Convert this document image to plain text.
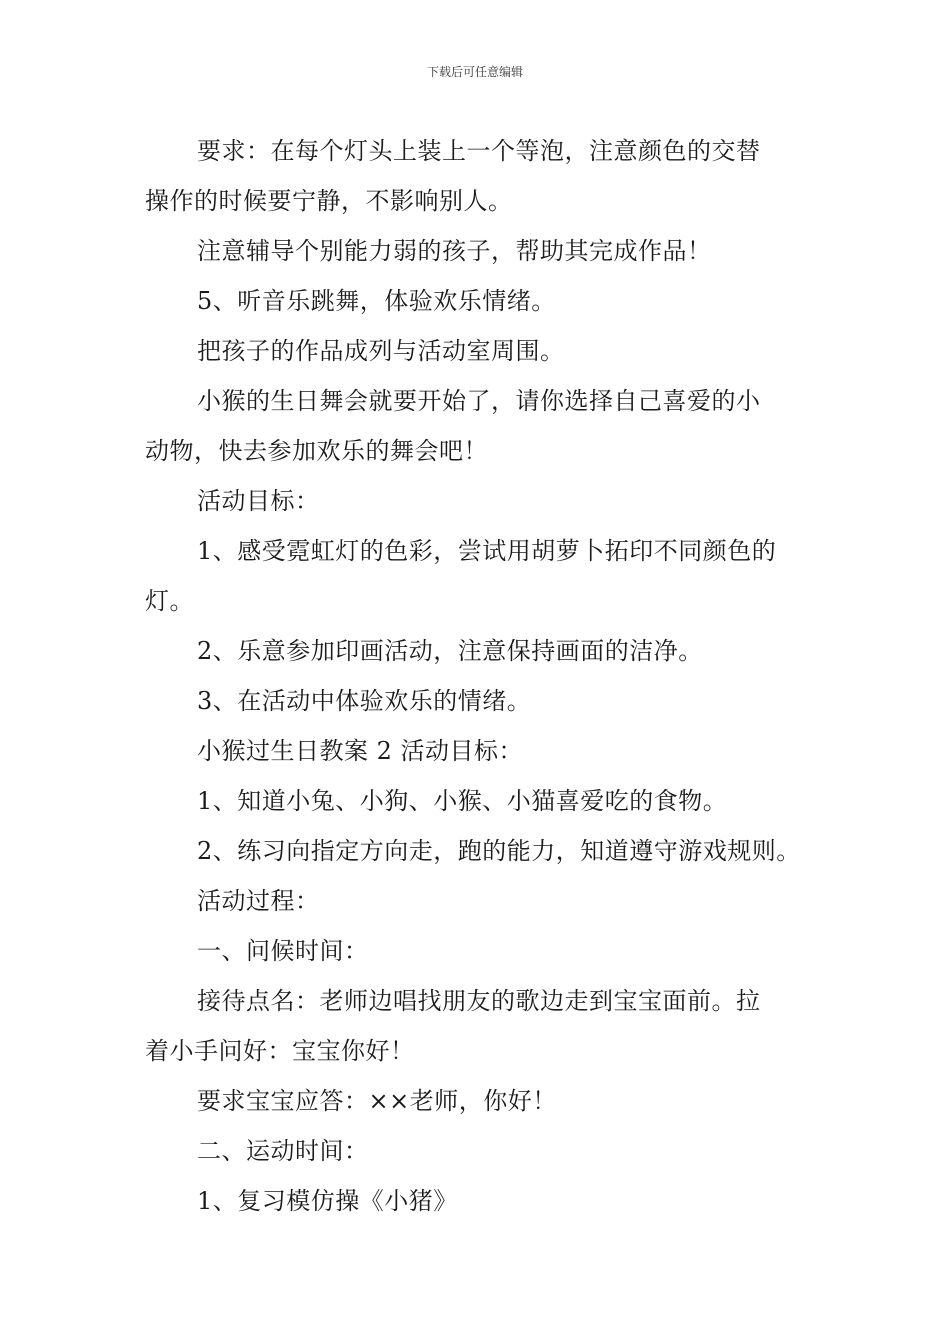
下载后可任意编辑
要求：在每个灯头上装上一个等泡，注意颜色的交替
操作的时候要宁静，不影响别人。
注意辅导个别能力弱的孩子，帮助其完成作品！
5、听音乐跳舞，体验欢乐情绪。
把孩子的作品成列与活动室周围。
小猴的生日舞会就要开始了，请你选择自己喜爱的小
动物，快去参加欢乐的舞会吧！
活动目标：
1、感受霓虹灯的色彩，尝试用胡萝卜拓印不同颜色的
灯。
2、乐意参加印画活动，注意保持画面的洁净。
3、在活动中体验欢乐的情绪。
小猴过生日教案 2 活动目标：
1、知道小兔、小狗、小猴、小猫喜爱吃的食物。
2、练习向指定方向走，跑的能力，知道遵守游戏规则。
活动过程：
一、问候时间：
接待点名：老师边唱找朋友的歌边走到宝宝面前。拉
着小手问好：宝宝你好！
要求宝宝应答：××老师，你好！
二、运动时间：
1、复习模仿操《小猪》
